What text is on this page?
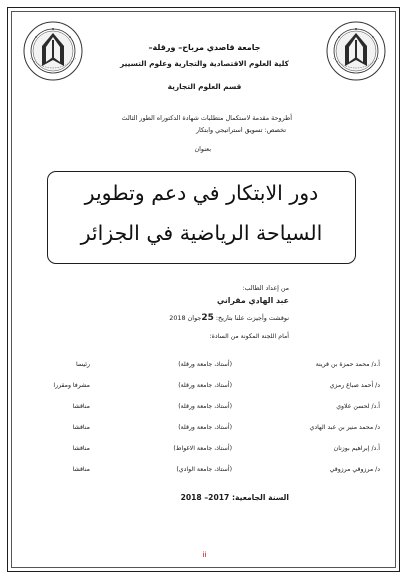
جامعة قاصدي مرباح– ورقلة–
كلية العلوم الاقتصادية والتجارية وعلوم التسيير
قسم العلوم التجارية
أطروحة مقدمة لاستكمال متطلبات شهادة الدكتوراه الطور الثالث
تخصص: تسويق استراتيجي وابتكار
بعنوان
دور الابتكار في دعم وتطوير
السياحة الرياضية في الجزائر
من إعداد الطالب:
عبد الهادي مقراني
نوقشت وأجيزت علنا بتاريخ: 25جوان 2018
أمام اللجنة المكونة من السادة:
أ.د/ محمد حمزة بن قرينة
(أستاذ، جامعة ورقلة)
رئيسا
د/ أحمد صباغ رمزي
(أستاذ، جامعة ورقلة)
مشرفا ومقررا
أ.د/ لحسن علاوي
(أستاذ، جامعة ورقلة)
مناقشا
د/ محمد منير بن عبد الهادي
(أستاذ، جامعة ورقلة)
مناقشا
أ.د/ إبراهيم بوزنان
(أستاذ، جامعة الاغواط)
مناقشا
د/ مرزوقي مرزوقي
(أستاذ، جامعة الوادي)
مناقشا
السنة الجامعية: 2017– 2018
ii
